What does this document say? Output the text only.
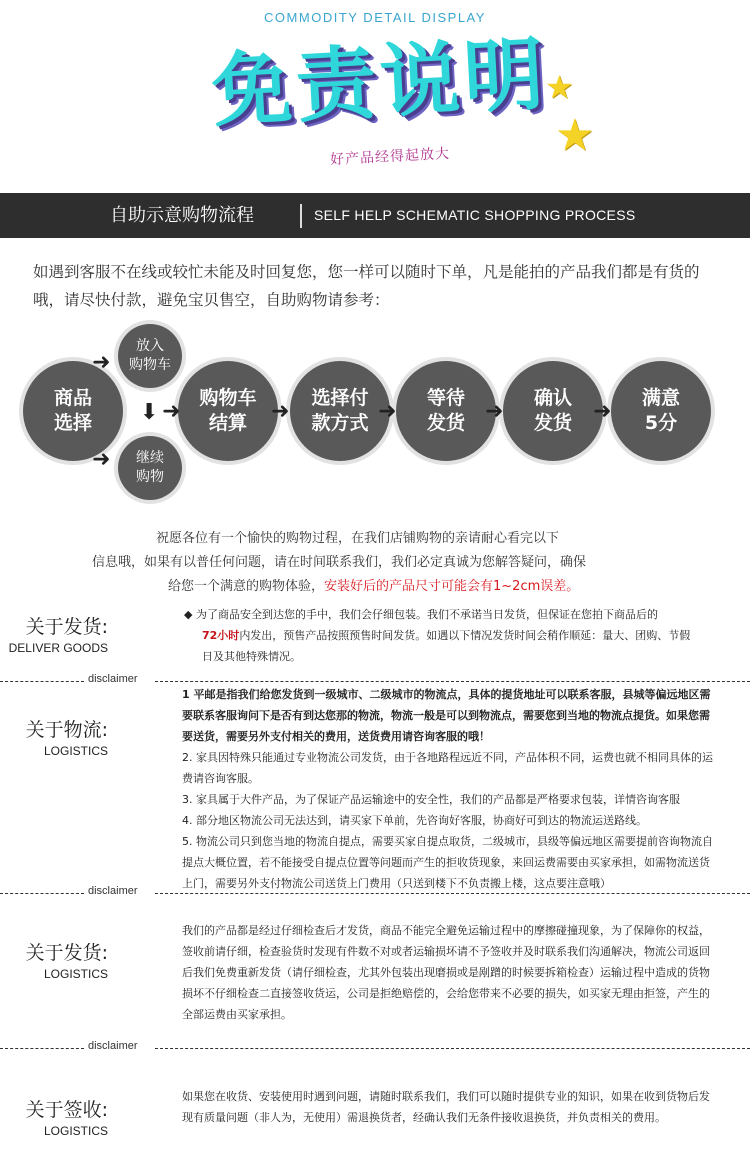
COMMODITY DETAIL DISPLAY
免责说明
好产品经得起放大
★
★
自助示意购物流程	SELF HELP SCHEMATIC SHOPPING PROCESS
如遇到客服不在线或较忙未能及时回复您，您一样可以随时下单，凡是能拍的产品我们都是有货的哦，请尽快付款，避免宝贝售空，自助购物请参考：
商品
选择
放入
购物车
继续
购物
购物车
结算
选择付
款方式
等待
发货
确认
发货
满意
5分
➜
➜
⬇ ➜	➜	➜	➜	➜
祝愿各位有一个愉快的购物过程，在我们店铺购物的亲请耐心看完以下
信息哦，如果有以普任何问题，请在时间联系我们，我们必定真诚为您解答疑问，确保
给您一个满意的购物体验，安装好后的产品尺寸可能会有1~2cm误差。
关于发货:
DELIVER GOODS

◆ 为了商品安全到达您的手中，我们会仔细包装。我们不承诺当日发货，但保证在您拍下商品后的

72小时内发出，预售产品按照预售时间发货。如遇以下情况发货时间会稍作顺延：量大、团购、节假

日及其他特殊情况。

disclaimer
关于物流:
LOGISTICS

1 平邮是指我们给您发货到一级城市、二级城市的物流点，具体的提货地址可以联系客服，县城等偏远地区需要联系客服询问下是否有到达您那的物流，物流一般是可以到物流点，需要您到当地的物流点提货。如果您需要送货，需要另外支付相关的费用，送货费用请咨询客服的哦！

2. 家具因特殊只能通过专业物流公司发货，由于各地路程远近不同，产品体积不同，运费也就不相同具体的运费请咨询客服。

3. 家具属于大件产品，为了保证产品运输途中的安全性，我们的产品都是严格要求包装，详情咨询客服

4. 部分地区物流公司无法达到，请买家下单前，先咨询好客服，协商好可到达的物流运送路线。

5. 物流公司只到您当地的物流自提点，需要买家自提点取货，二级城市，县级等偏远地区需要提前咨询物流自提点大概位置，若不能接受自提点位置等问题而产生的拒收货现象，来回运费需要由买家承担，如需物流送货上门，需要另外支付物流公司送货上门费用（只送到楼下不负责搬上楼，这点要注意哦）

disclaimer
关于发货:
LOGISTICS
我们的产品都是经过仔细检查后才发货，商品不能完全避免运输过程中的摩擦碰撞现象，为了保障你的权益，签收前请仔细，检查验货时发现有件数不对或者运输损坏请不予签收并及时联系我们沟通解决，物流公司返回后我们免费重新发货（请仔细检查，尤其外包装出现磨损或是剐蹭的时候要拆箱检查）运输过程中造成的货物损坏不仔细检查二直接签收货运，公司是拒绝赔偿的，会给您带来不必要的损失，如买家无理由拒签，产生的全部运费由买家承担。
disclaimer
关于签收:
LOGISTICS
如果您在收货、安装使用时遇到问题，请随时联系我们，我们可以随时提供专业的知识，如果在收到货物后发现有质量问题（非人为，无使用）需退换货者，经确认我们无条件接收退换货，并负责相关的费用。
